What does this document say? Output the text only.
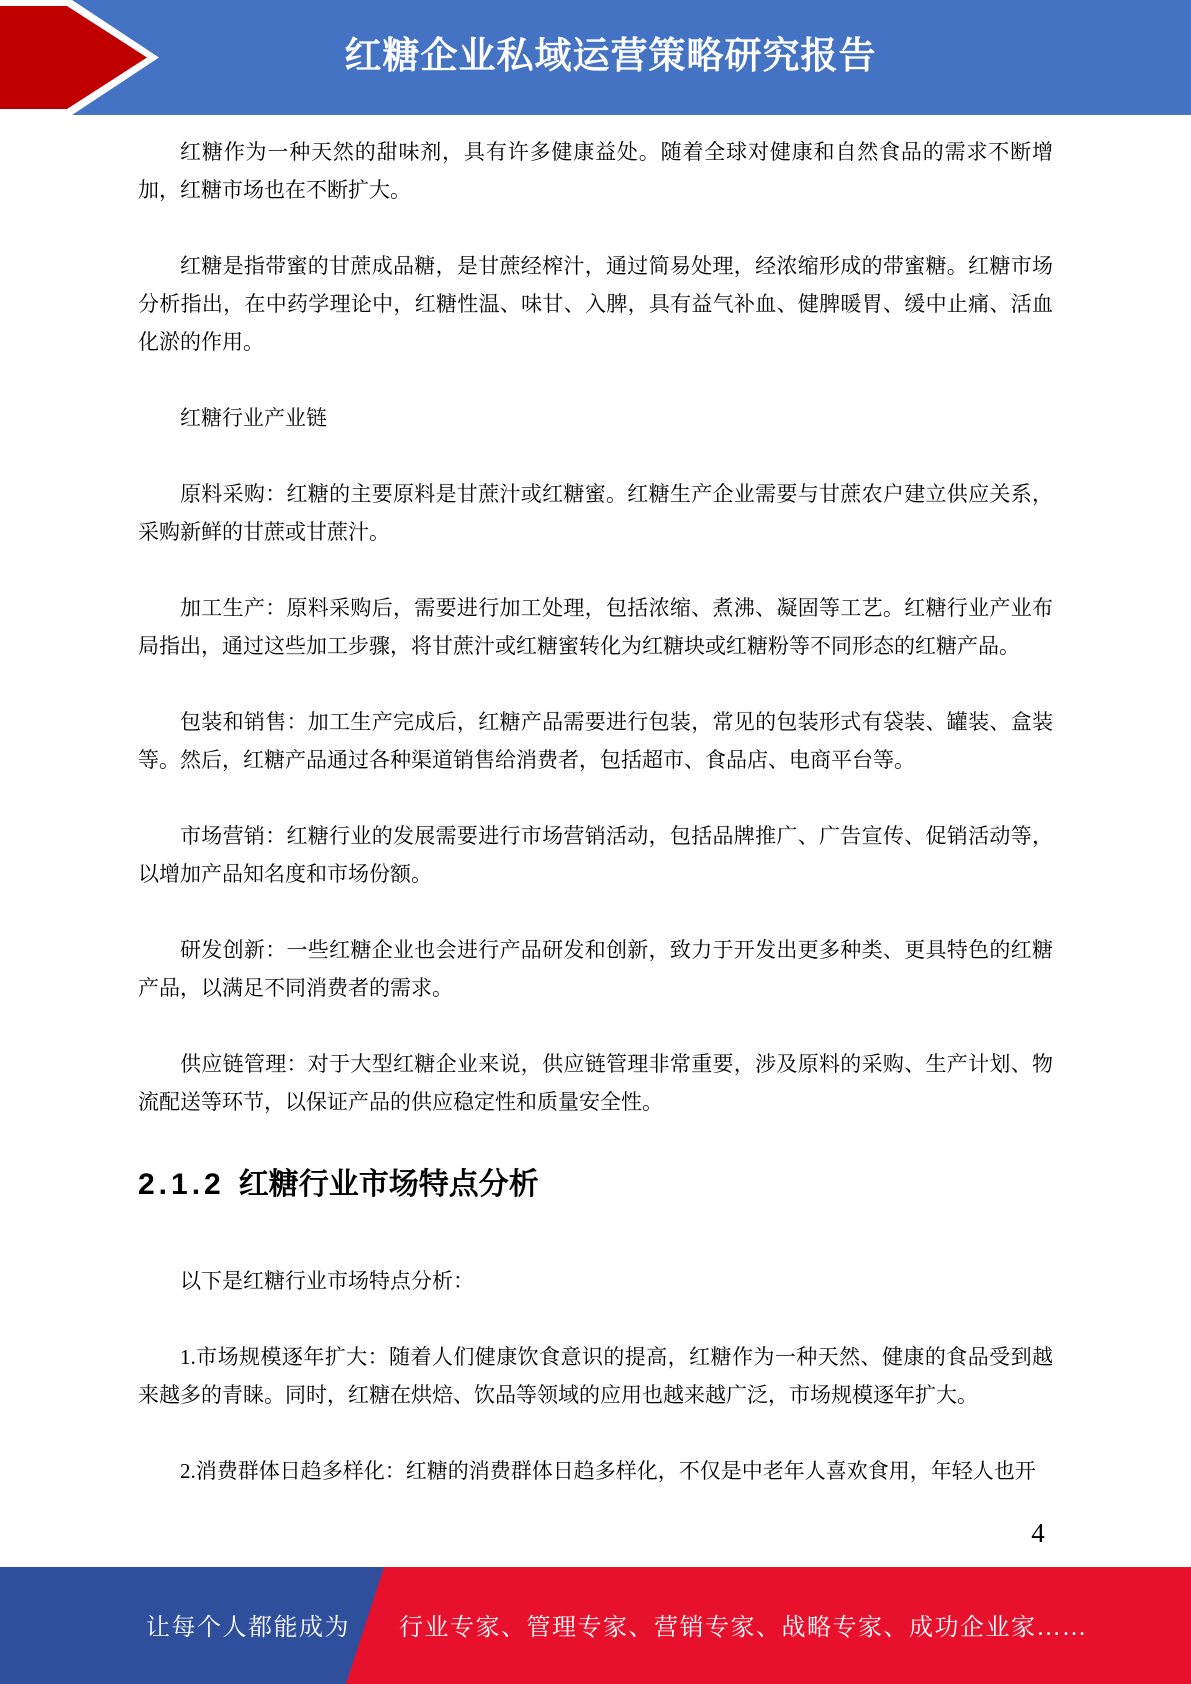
红糖企业私域运营策略研究报告

红糖作为一种天然的甜味剂，具有许多健康益处。随着全球对健康和自然食品的需求不断增加，红糖市场也在不断扩大。

红糖是指带蜜的甘蔗成品糖，是甘蔗经榨汁，通过简易处理，经浓缩形成的带蜜糖。红糖市场分析指出，在中药学理论中，红糖性温、味甘、入脾，具有益气补血、健脾暖胃、缓中止痛、活血化淤的作用。

红糖行业产业链

原料采购：红糖的主要原料是甘蔗汁或红糖蜜。红糖生产企业需要与甘蔗农户建立供应关系，采购新鲜的甘蔗或甘蔗汁。

加工生产：原料采购后，需要进行加工处理，包括浓缩、煮沸、凝固等工艺。红糖行业产业布局指出，通过这些加工步骤，将甘蔗汁或红糖蜜转化为红糖块或红糖粉等不同形态的红糖产品。

包装和销售：加工生产完成后，红糖产品需要进行包装，常见的包装形式有袋装、罐装、盒装等。然后，红糖产品通过各种渠道销售给消费者，包括超市、食品店、电商平台等。

市场营销：红糖行业的发展需要进行市场营销活动，包括品牌推广、广告宣传、促销活动等，以增加产品知名度和市场份额。

研发创新：一些红糖企业也会进行产品研发和创新，致力于开发出更多种类、更具特色的红糖产品，以满足不同消费者的需求。

供应链管理：对于大型红糖企业来说，供应链管理非常重要，涉及原料的采购、生产计划、物流配送等环节，以保证产品的供应稳定性和质量安全性。

2.1.2 红糖行业市场特点分析

以下是红糖行业市场特点分析：

1.市场规模逐年扩大：随着人们健康饮食意识的提高，红糖作为一种天然、健康的食品受到越来越多的青睐。同时，红糖在烘焙、饮品等领域的应用也越来越广泛，市场规模逐年扩大。

2.消费群体日趋多样化：红糖的消费群体日趋多样化，不仅是中老年人喜欢食用，年轻人也开

4
让每个人都能成为 行业专家、管理专家、营销专家、战略专家、成功企业家……
